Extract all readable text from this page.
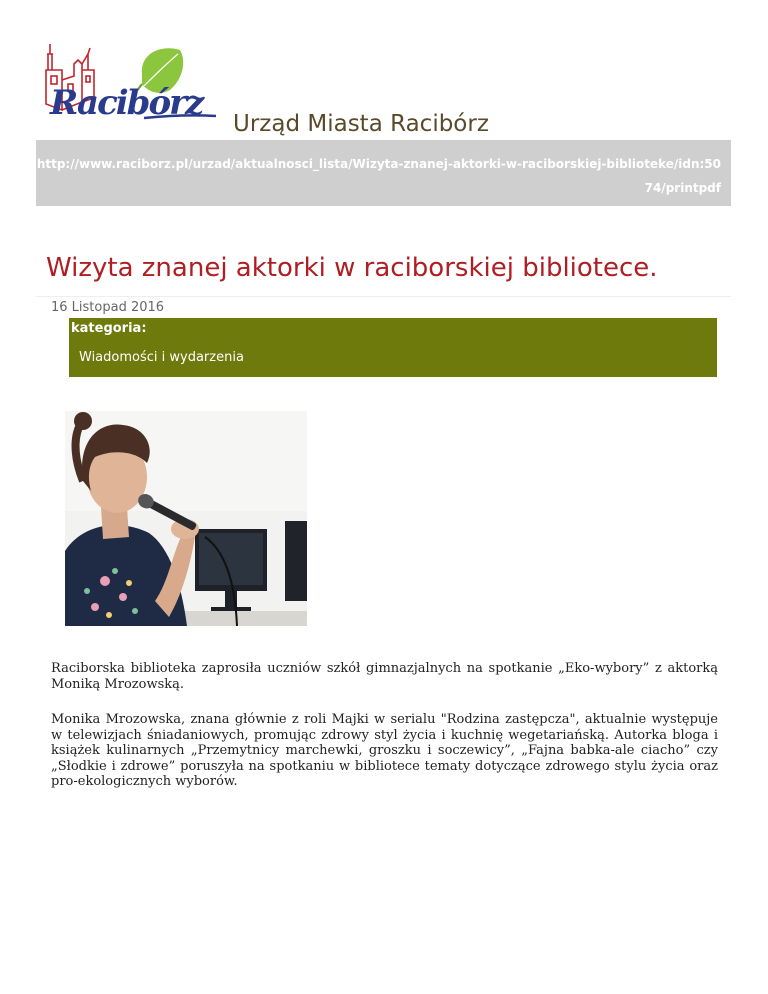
Racibórz
Urząd Miasta Racibórz
http://www.raciborz.pl/urzad/aktualnosci_lista/Wizyta-znanej-aktorki-w-raciborskiej-biblioteke/idn:5074/printpdf
Wizyta znanej aktorki w raciborskiej bibliotece.
16 Listopad 2016
kategoria:
Wiadomości i wydarzenia

Raciborska biblioteka zaprosiła uczniów szkół gimnazjalnych na spotkanie „Eko-wybory” z aktorką Moniką Mrozowską.

Monika Mrozowska, znana głównie z roli Majki w serialu "Rodzina zastępcza", aktualnie występuje w telewizjach śniadaniowych, promując zdrowy styl życia i kuchnię wegetariańską. Autorka bloga i książek kulinarnych „Przemytnicy marchewki, groszku i soczewicy”, „Fajna babka-ale ciacho” czy „Słodkie i zdrowe” poruszyła na spotkaniu w bibliotece tematy dotyczące zdrowego stylu życia oraz pro-ekologicznych wyborów.
